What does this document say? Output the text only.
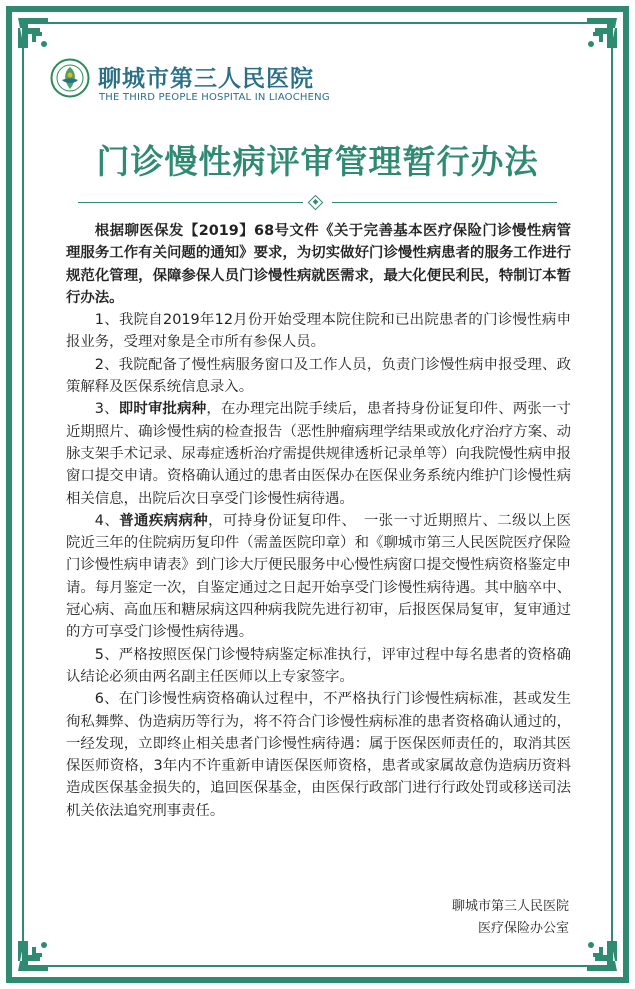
聊城市第三人民医院
THE THIRD PEOPLE HOSPITAL IN LIAOCHENG
门诊慢性病评审管理暂行办法

根据聊医保发【2019】68号文件《关于完善基本医疗保险门诊慢性病管理服务工作有关问题的通知》要求，为切实做好门诊慢性病患者的服务工作进行规范化管理，保障参保人员门诊慢性病就医需求，最大化便民利民，特制订本暂行办法。

1、我院自2019年12月份开始受理本院住院和已出院患者的门诊慢性病申报业务，受理对象是全市所有参保人员。

2、我院配备了慢性病服务窗口及工作人员，负责门诊慢性病申报受理、政策解释及医保系统信息录入。

3、即时审批病种，在办理完出院手续后，患者持身份证复印件、两张一寸近期照片、确诊慢性病的检查报告（恶性肿瘤病理学结果或放化疗治疗方案、动脉支架手术记录、尿毒症透析治疗需提供规律透析记录单等）向我院慢性病申报窗口提交申请。资格确认通过的患者由医保办在医保业务系统内维护门诊慢性病相关信息，出院后次日享受门诊慢性病待遇。

4、普通疾病病种，可持身份证复印件、　一张一寸近期照片、二级以上医院近三年的住院病历复印件（需盖医院印章）和《聊城市第三人民医院医疗保险门诊慢性病申请表》到门诊大厅便民服务中心慢性病窗口提交慢性病资格鉴定申请。每月鉴定一次，自鉴定通过之日起开始享受门诊慢性病待遇。其中脑卒中、冠心病、高血压和糖尿病这四种病我院先进行初审，后报医保局复审，复审通过的方可享受门诊慢性病待遇。

5、严格按照医保门诊慢特病鉴定标准执行，评审过程中每名患者的资格确认结论必须由两名副主任医师以上专家签字。

6、在门诊慢性病资格确认过程中，不严格执行门诊慢性病标准，甚或发生徇私舞弊、伪造病历等行为，将不符合门诊慢性病标准的患者资格确认通过的，一经发现，立即终止相关患者门诊慢性病待遇：属于医保医师责任的，取消其医保医师资格，3年内不许重新申请医保医师资格，患者或家属故意伪造病历资料造成医保基金损失的，追回医保基金，由医保行政部门进行行政处罚或移送司法机关依法追究刑事责任。

聊城市第三人民医院
医疗保险办公室
